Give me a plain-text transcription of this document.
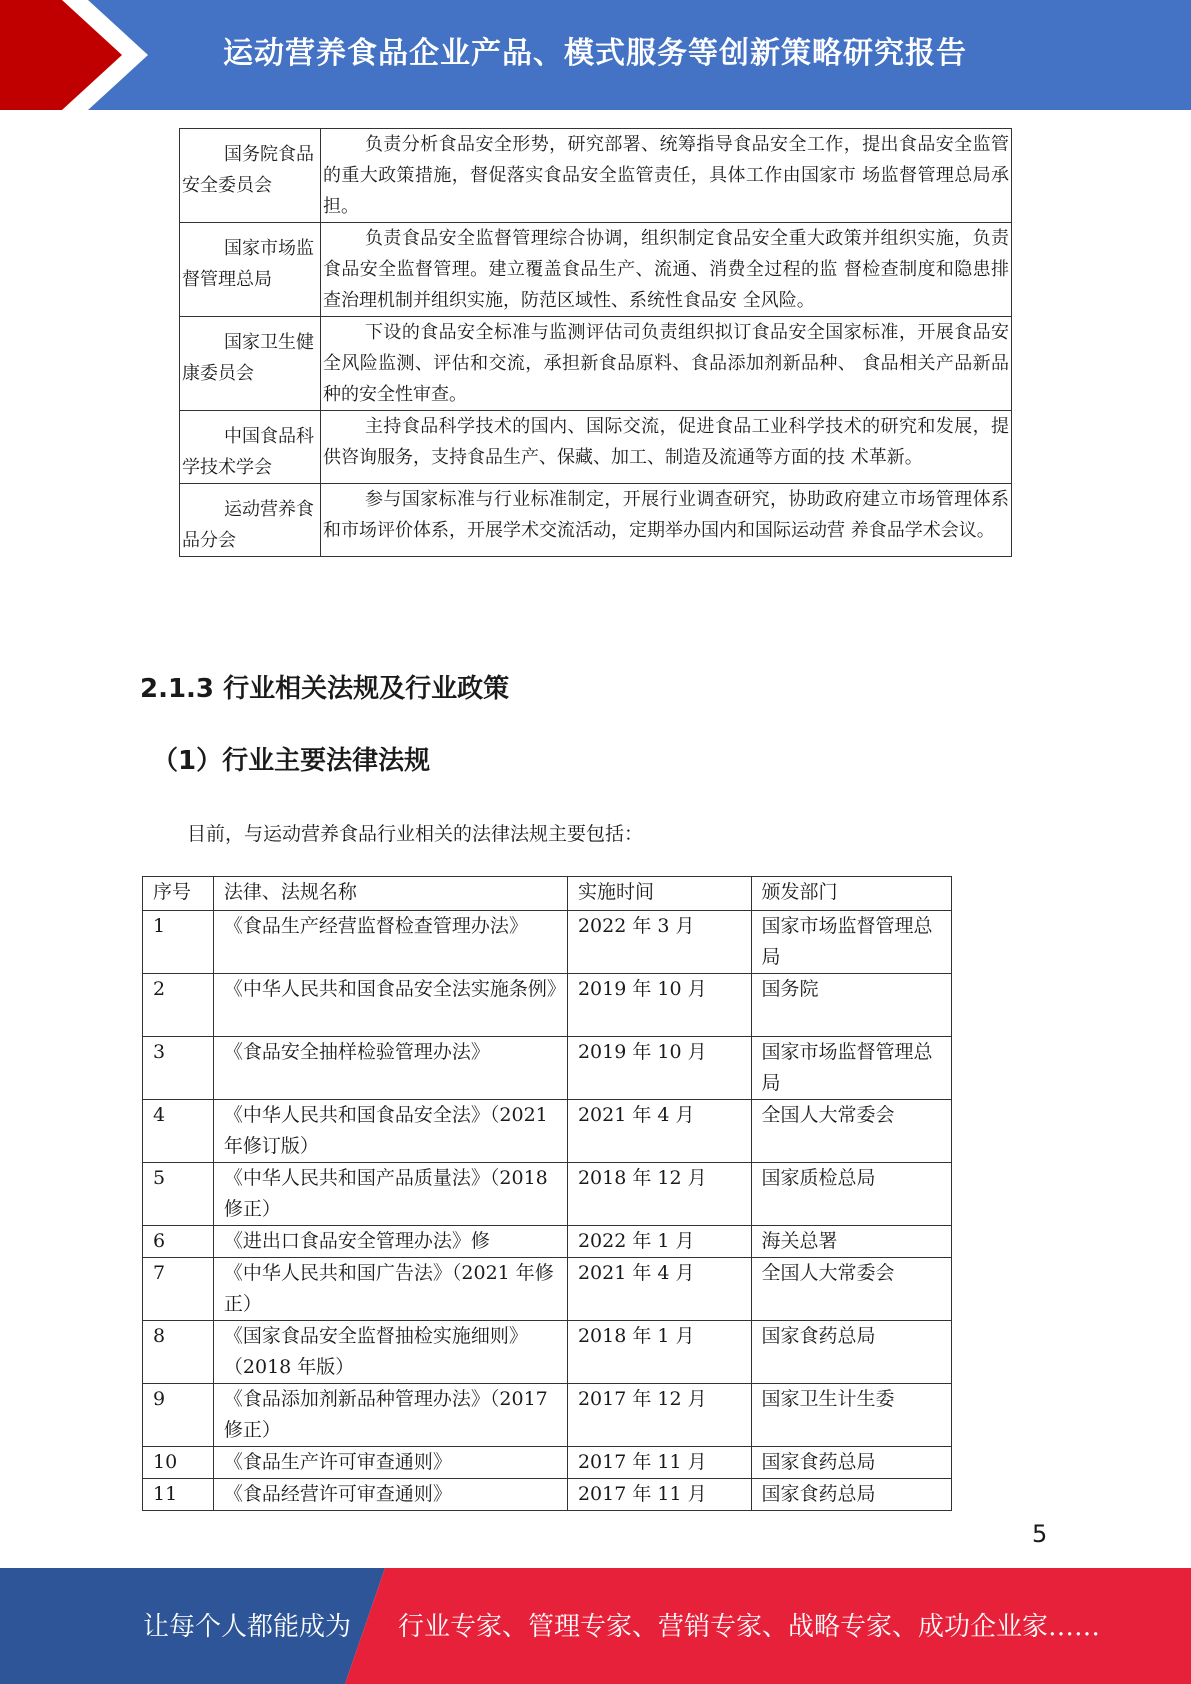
运动营养食品企业产品、模式服务等创新策略研究报告
国务院食品 安全委员会	负责分析食品安全形势，研究部署、统筹指导食品安全工作，提出食品安全监管的重大政策措施，督促落实食品安全监管责任，具体工作由国家市 场监督管理总局承担。
国家市场监 督管理总局	负责食品安全监督管理综合协调，组织制定食品安全重大政策并组织实施，负责食品安全监督管理。建立覆盖食品生产、流通、消费全过程的监 督检查制度和隐患排查治理机制并组织实施，防范区域性、系统性食品安 全风险。
国家卫生健 康委员会	下设的食品安全标准与监测评估司负责组织拟订食品安全国家标准，开展食品安全风险监测、评估和交流，承担新食品原料、食品添加剂新品种、 食品相关产品新品种的安全性审查。
中国食品科 学技术学会	主持食品科学技术的国内、国际交流，促进食品工业科学技术的研究和发展，提供咨询服务，支持食品生产、保藏、加工、制造及流通等方面的技 术革新。
运动营养食 品分会	参与国家标准与行业标准制定，开展行业调查研究，协助政府建立市场管理体系和市场评价体系，开展学术交流活动，定期举办国内和国际运动营 养食品学术会议。
2.1.3 行业相关法规及行业政策
（1）行业主要法律法规
目前，与运动营养食品行业相关的法律法规主要包括：
序号	法律、法规名称	实施时间	颁发部门
1	《食品生产经营监督检查管理办法》	2022 年 3 月	国家市场监督管理总局
2	《中华人民共和国食品安全法实施条例》	2019 年 10 月	国务院
3	《食品安全抽样检验管理办法》	2019 年 10 月	国家市场监督管理总局
4	《中华人民共和国食品安全法》（2021 年修订版）	2021 年 4 月	全国人大常委会
5	《中华人民共和国产品质量法》（2018 修正）	2018 年 12 月	国家质检总局
6	《进出口食品安全管理办法》修	2022 年 1 月	海关总署
7	《中华人民共和国广告法》（2021 年修正）	2021 年 4 月	全国人大常委会
8	《国家食品安全监督抽检实施细则》 （2018 年版）	2018 年 1 月	国家食药总局
9	《食品添加剂新品种管理办法》（2017 修正）	2017 年 12 月	国家卫生计生委
10	《食品生产许可审查通则》	2017 年 11 月	国家食药总局
11	《食品经营许可审查通则》	2017 年 11 月	国家食药总局
5
让每个人都能成为 行业专家、管理专家、营销专家、战略专家、成功企业家……
